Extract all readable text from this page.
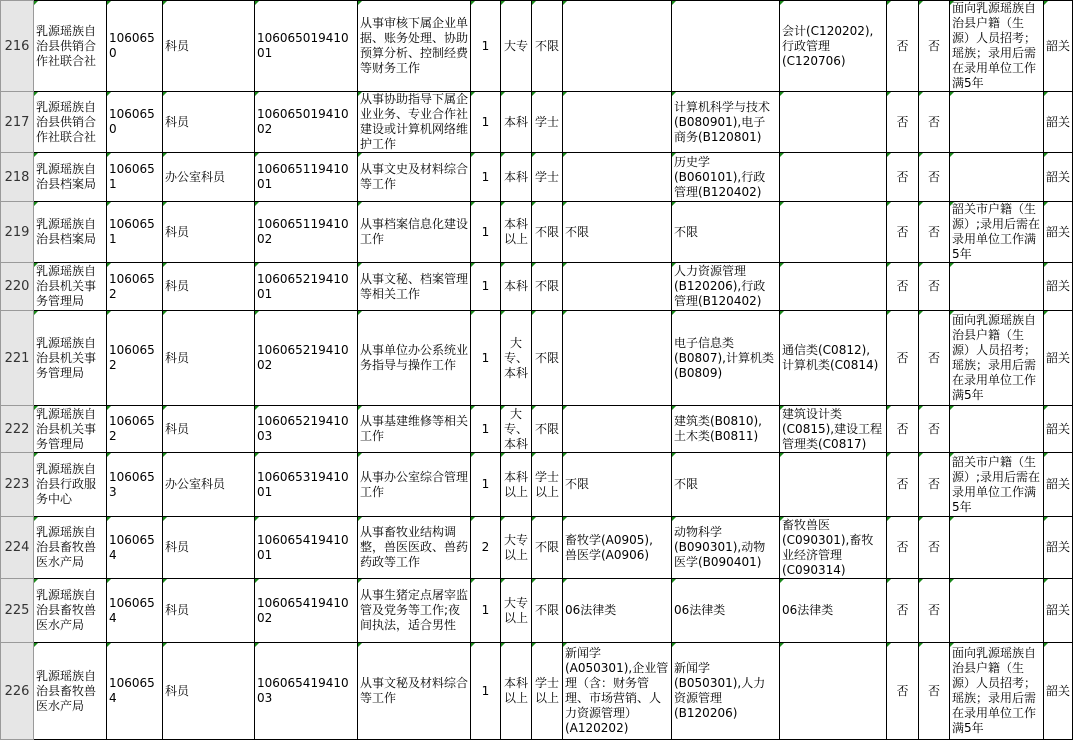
216	乳源瑶族自治县供销合作社联合社	1060650	科员	10606501941001	从事审核下属企业单据、账务处理、协助预算分析、控制经费等财务工作	1	大专	不限			会计(C120202),
行政管理
(C120706)	否	否	面向乳源瑶族自治县户籍（生源）人员招考；瑶族；录用后需在录用单位工作满5年	韶关
217	乳源瑶族自治县供销合作社联合社	1060650	科员	10606501941002	从事协助指导下属企业业务、专业合作社建设或计算机网络维护工作	1	本科	学士		计算机科学与技术(B080901),电子商务(B120801)		否	否		韶关
218	乳源瑶族自治县档案局	1060651	办公室科员	10606511941001	从事文史及材料综合等工作	1	本科	学士		历史学
(B060101),行政管理(B120402)		否	否		韶关
219	乳源瑶族自治县档案局	1060651	科员	10606511941002	从事档案信息化建设工作	1	本科以上	不限	不限	不限		否	否	韶关市户籍（生源）;录用后需在录用单位工作满5年	韶关
220	乳源瑶族自治县机关事务管理局	1060652	科员	10606521941001	从事文秘、档案管理等相关工作	1	本科	不限		人力资源管理
(B120206),行政管理(B120402)		否	否		韶关
221	乳源瑶族自治县机关事务管理局	1060652	科员	10606521941002	从事单位办公系统业务指导与操作工作	1	大专、本科	不限		电子信息类
(B0807),计算机类(B0809)	通信类(C0812),
计算机类(C0814)	否	否	面向乳源瑶族自治县户籍（生源）人员招考；瑶族；录用后需在录用单位工作满5年	韶关
222	乳源瑶族自治县机关事务管理局	1060652	科员	10606521941003	从事基建维修等相关工作	1	大专、本科	不限		建筑类(B0810),
土木类(B0811)	建筑设计类
(C0815),建设工程管理类(C0817)	否	否		韶关
223	乳源瑶族自治县行政服务中心	1060653	办公室科员	10606531941001	从事办公室综合管理工作	1	本科以上	学士以上	不限	不限		否	否	韶关市户籍（生源）;录用后需在录用单位工作满5年	韶关
224	乳源瑶族自治县畜牧兽医水产局	1060654	科员	10606541941001	从事畜牧业结构调整，兽医医政、兽药药政等工作	2	大专以上	不限	畜牧学(A0905),
兽医学(A0906)	动物科学
(B090301),动物医学(B090401)	畜牧兽医
(C090301),畜牧业经济管理
(C090314)	否	否		韶关
225	乳源瑶族自治县畜牧兽医水产局	1060654	科员	10606541941002	从事生猪定点屠宰监管及党务等工作;夜间执法，适合男性	1	大专以上	不限	06法律类	06法律类	06法律类	否	否		韶关
226	乳源瑶族自治县畜牧兽医水产局	1060654	科员	10606541941003	从事文秘及材料综合等工作	1	本科以上	学士以上	新闻学
(A050301),企业管理（含：财务管理、市场营销、人力资源管理）
(A120202)	新闻学
(B050301),人力资源管理
(B120206)		否	否	面向乳源瑶族自治县户籍（生源）人员招考；瑶族；录用后需在录用单位工作满5年	韶关
